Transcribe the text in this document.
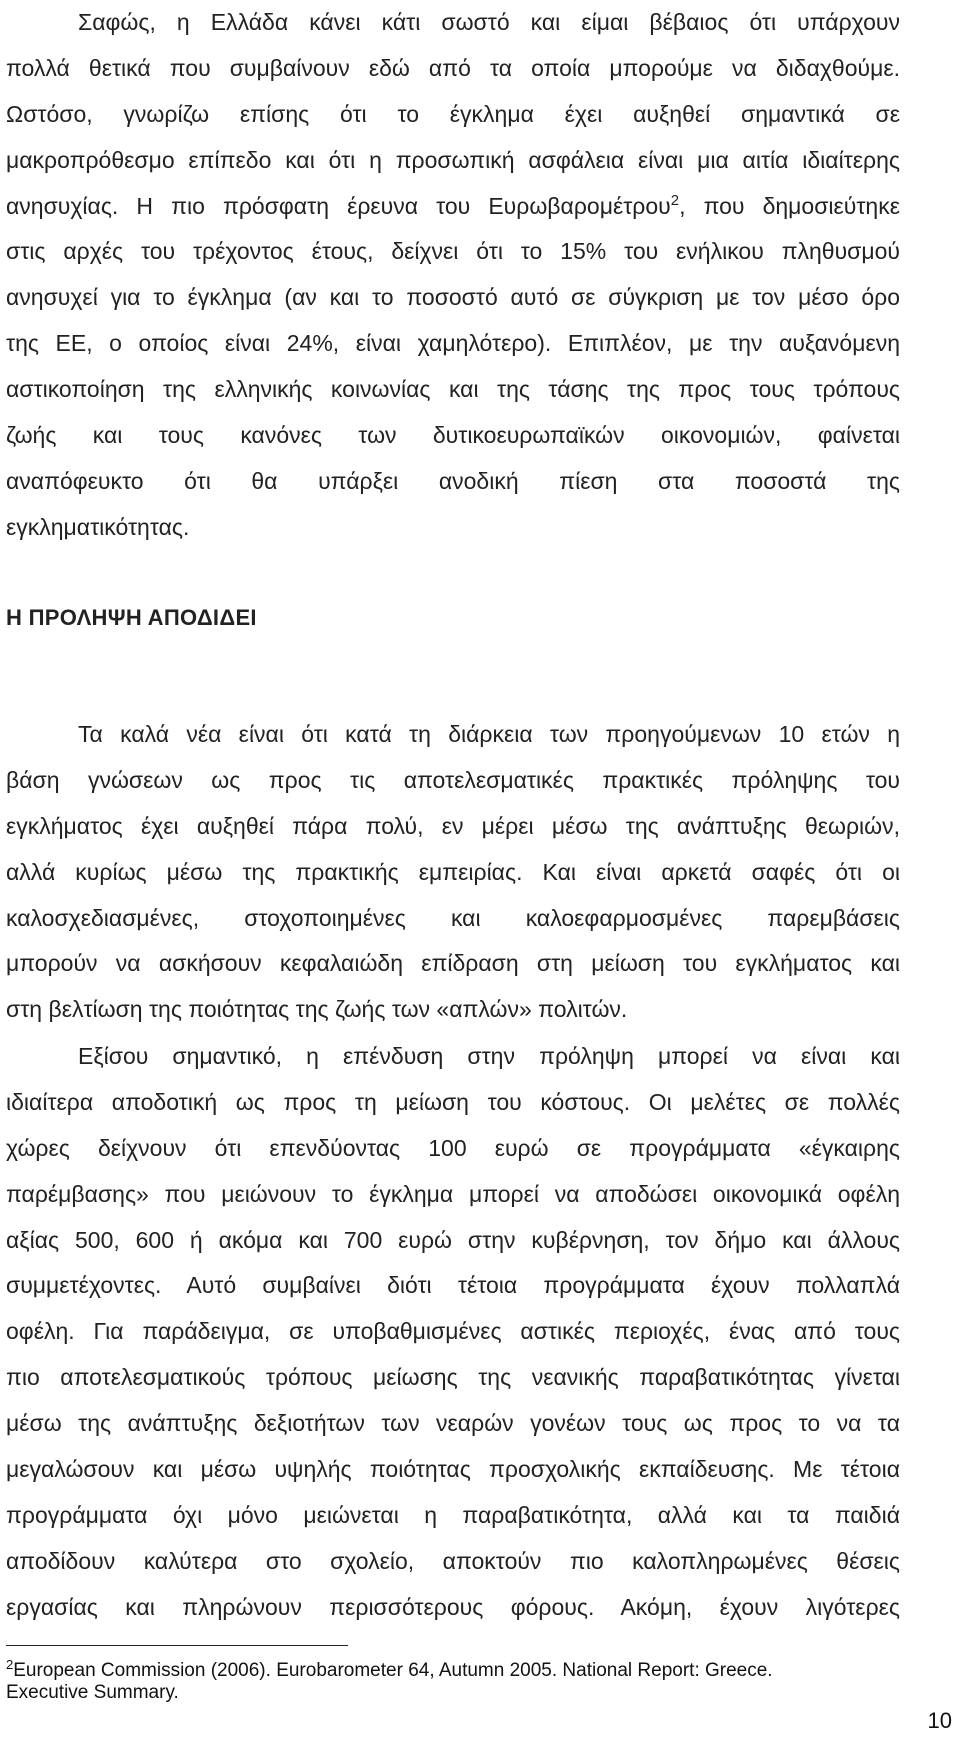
Σαφώς, η Ελλάδα κάνει κάτι σωστό και είμαι βέβαιος ότι υπάρχουν
πολλά θετικά που συμβαίνουν εδώ από τα οποία μπορούμε να διδαχθούμε.
Ωστόσο, γνωρίζω επίσης ότι το έγκλημα έχει αυξηθεί σημαντικά σε
μακροπρόθεσμο επίπεδο και ότι η προσωπική ασφάλεια είναι μια αιτία ιδιαίτερης
ανησυχίας. Η πιο πρόσφατη έρευνα του Ευρωβαρομέτρου$^2$, που δημοσιεύτηκε
στις αρχές του τρέχοντος έτους, δείχνει ότι το 15% του ενήλικου πληθυσμού
ανησυχεί για το έγκλημα (αν και το ποσοστό αυτό σε σύγκριση με τον μέσο όρο
της ΕΕ, ο οποίος είναι 24%, είναι χαμηλότερο). Επιπλέον, με την αυξανόμενη
αστικοποίηση της ελληνικής κοινωνίας και της τάσης της προς τους τρόπους
ζωής και τους κανόνες των δυτικοευρωπαϊκών οικονομιών, φαίνεται
αναπόφευκτο ότι θα υπάρξει ανοδική πίεση στα ποσοστά της
εγκληματικότητας.
Η ΠΡΟΛΗΨΗ ΑΠΟΔΙΔΕΙ
Τα καλά νέα είναι ότι κατά τη διάρκεια των προηγούμενων 10 ετών η
βάση γνώσεων ως προς τις αποτελεσματικές πρακτικές πρόληψης του
εγκλήματος έχει αυξηθεί πάρα πολύ, εν μέρει μέσω της ανάπτυξης θεωριών,
αλλά κυρίως μέσω της πρακτικής εμπειρίας. Και είναι αρκετά σαφές ότι οι
καλοσχεδιασμένες, στοχοποιημένες και καλοεφαρμοσμένες παρεμβάσεις
μπορούν να ασκήσουν κεφαλαιώδη επίδραση στη μείωση του εγκλήματος και
στη βελτίωση της ποιότητας της ζωής των «απλών» πολιτών.
Εξίσου σημαντικό, η επένδυση στην πρόληψη μπορεί να είναι και
ιδιαίτερα αποδοτική ως προς τη μείωση του κόστους. Οι μελέτες σε πολλές
χώρες δείχνουν ότι επενδύοντας 100 ευρώ σε προγράμματα «έγκαιρης
παρέμβασης» που μειώνουν το έγκλημα μπορεί να αποδώσει οικονομικά οφέλη
αξίας 500, 600 ή ακόμα και 700 ευρώ στην κυβέρνηση, τον δήμο και άλλους
συμμετέχοντες. Αυτό συμβαίνει διότι τέτοια προγράμματα έχουν πολλαπλά
οφέλη. Για παράδειγμα, σε υποβαθμισμένες αστικές περιοχές, ένας από τους
πιο αποτελεσματικούς τρόπους μείωσης της νεανικής παραβατικότητας γίνεται
μέσω της ανάπτυξης δεξιοτήτων των νεαρών γονέων τους ως προς το να τα
μεγαλώσουν και μέσω υψηλής ποιότητας προσχολικής εκπαίδευσης. Με τέτοια
προγράμματα όχι μόνο μειώνεται η παραβατικότητα, αλλά και τα παιδιά
αποδίδουν καλύτερα στο σχολείο, αποκτούν πιο καλοπληρωμένες θέσεις
εργασίας και πληρώνουν περισσότερους φόρους. Ακόμη, έχουν λιγότερες
$^2$European Commission (2006). Eurobarometer 64, Autumn 2005. National Report: Greece.
Executive Summary.
10
